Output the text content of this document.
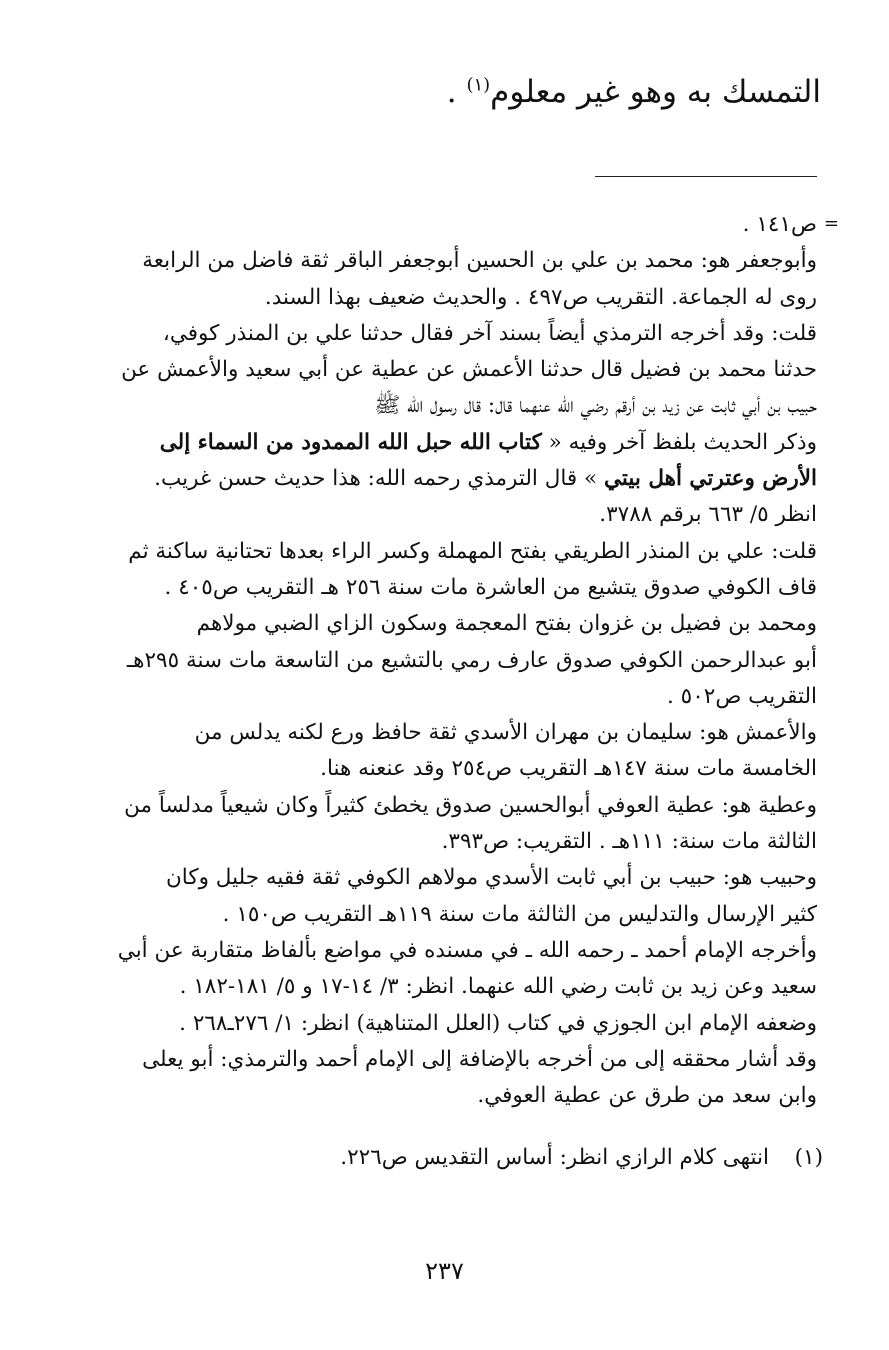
التمسك به وهو غير معلوم$^{(١)}$ .
=

ص١٤١ .

وأبوجعفر هو: محمد بن علي بن الحسين أبوجعفر الباقر ثقة فاضل من الرابعة

روى له الجماعة. التقريب ص٤٩٧ . والحديث ضعيف بهذا السند.

قلت: وقد أخرجه الترمذي أيضاً بسند آخر فقال حدثنا علي بن المنذر كوفي،

حدثنا محمد بن فضيل قال حدثنا الأعمش عن عطية عن أبي سعيد والأعمش عن

حبيب بن أبي ثابت عن زيد بن أرقم رضي الله عنهما قال: قال رسول الله ﷺ

وذكر الحديث بلفظ آخر وفيه « كتاب الله حبل الله الممدود من السماء إلى

الأرض وعترتي أهل بيتي » قال الترمذي رحمه الله: هذا حديث حسن غريب.

انظر ٥/ ٦٦٣ برقم ٣٧٨٨.

قلت: علي بن المنذر الطريقي بفتح المهملة وكسر الراء بعدها تحتانية ساكنة ثم

قاف الكوفي صدوق يتشيع من العاشرة مات سنة ٢٥٦ هـ التقريب ص٤٠٥ .

ومحمد بن فضيل بن غزوان بفتح المعجمة وسكون الزاي الضبي مولاهم

أبو عبدالرحمن الكوفي صدوق عارف رمي بالتشيع من التاسعة مات سنة ٢٩٥هـ

التقريب ص٥٠٢ .

والأعمش هو: سليمان بن مهران الأسدي ثقة حافظ ورع لكنه يدلس من

الخامسة مات سنة ١٤٧هـ التقريب ص٢٥٤ وقد عنعنه هنا.

وعطية هو: عطية العوفي أبوالحسين صدوق يخطئ كثيراً وكان شيعياً مدلساً من

الثالثة مات سنة: ١١١هـ . التقريب: ص٣٩٣.

وحبيب هو: حبيب بن أبي ثابت الأسدي مولاهم الكوفي ثقة فقيه جليل وكان

كثير الإرسال والتدليس من الثالثة مات سنة ١١٩هـ التقريب ص١٥٠ .

وأخرجه الإمام أحمد ـ رحمه الله ـ في مسنده في مواضع بألفاظ متقاربة عن أبي

سعيد وعن زيد بن ثابت رضي الله عنهما. انظر: ٣/ ١٤-١٧ و ٥/ ١٨١-١٨٢ .

وضعفه الإمام ابن الجوزي في كتاب (العلل المتناهية) انظر: ١/ ٢٧٦ـ٢٦٨ .

وقد أشار محققه إلى من أخرجه بالإضافة إلى الإمام أحمد والترمذي: أبو يعلى

وابن سعد من طرق عن عطية العوفي.

(١)انتهى كلام الرازي انظر: أساس التقديس ص٢٢٦.
٢٣٧
